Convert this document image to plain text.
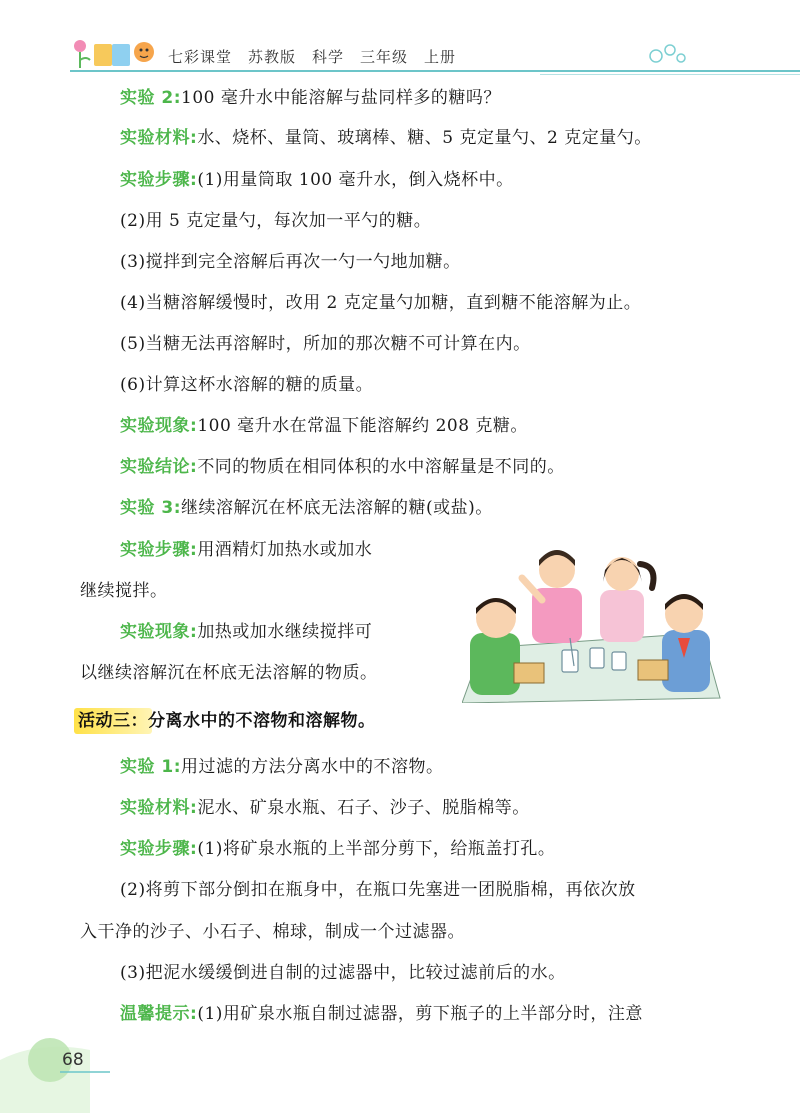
七彩课堂　苏教版　科学　三年级　上册
实验 2:100 毫升水中能溶解与盐同样多的糖吗？
实验材料:水、烧杯、量筒、玻璃棒、糖、5 克定量勺、2 克定量勺。
实验步骤:(1)用量筒取 100 毫升水，倒入烧杯中。
(2)用 5 克定量勺，每次加一平勺的糖。
(3)搅拌到完全溶解后再次一勺一勺地加糖。
(4)当糖溶解缓慢时，改用 2 克定量勺加糖，直到糖不能溶解为止。
(5)当糖无法再溶解时，所加的那次糖不可计算在内。
(6)计算这杯水溶解的糖的质量。
实验现象:100 毫升水在常温下能溶解约 208 克糖。
实验结论:不同的物质在相同体积的水中溶解量是不同的。
实验 3:继续溶解沉在杯底无法溶解的糖(或盐)。
实验步骤:用酒精灯加热水或加水
继续搅拌。
实验现象:加热或加水继续搅拌可
以继续溶解沉在杯底无法溶解的物质。
活动三：分离水中的不溶物和溶解物。
实验 1:用过滤的方法分离水中的不溶物。
实验材料:泥水、矿泉水瓶、石子、沙子、脱脂棉等。
实验步骤:(1)将矿泉水瓶的上半部分剪下，给瓶盖打孔。
(2)将剪下部分倒扣在瓶身中，在瓶口先塞进一团脱脂棉，再依次放
入干净的沙子、小石子、棉球，制成一个过滤器。
(3)把泥水缓缓倒进自制的过滤器中，比较过滤前后的水。
温馨提示:(1)用矿泉水瓶自制过滤器，剪下瓶子的上半部分时，注意
68
